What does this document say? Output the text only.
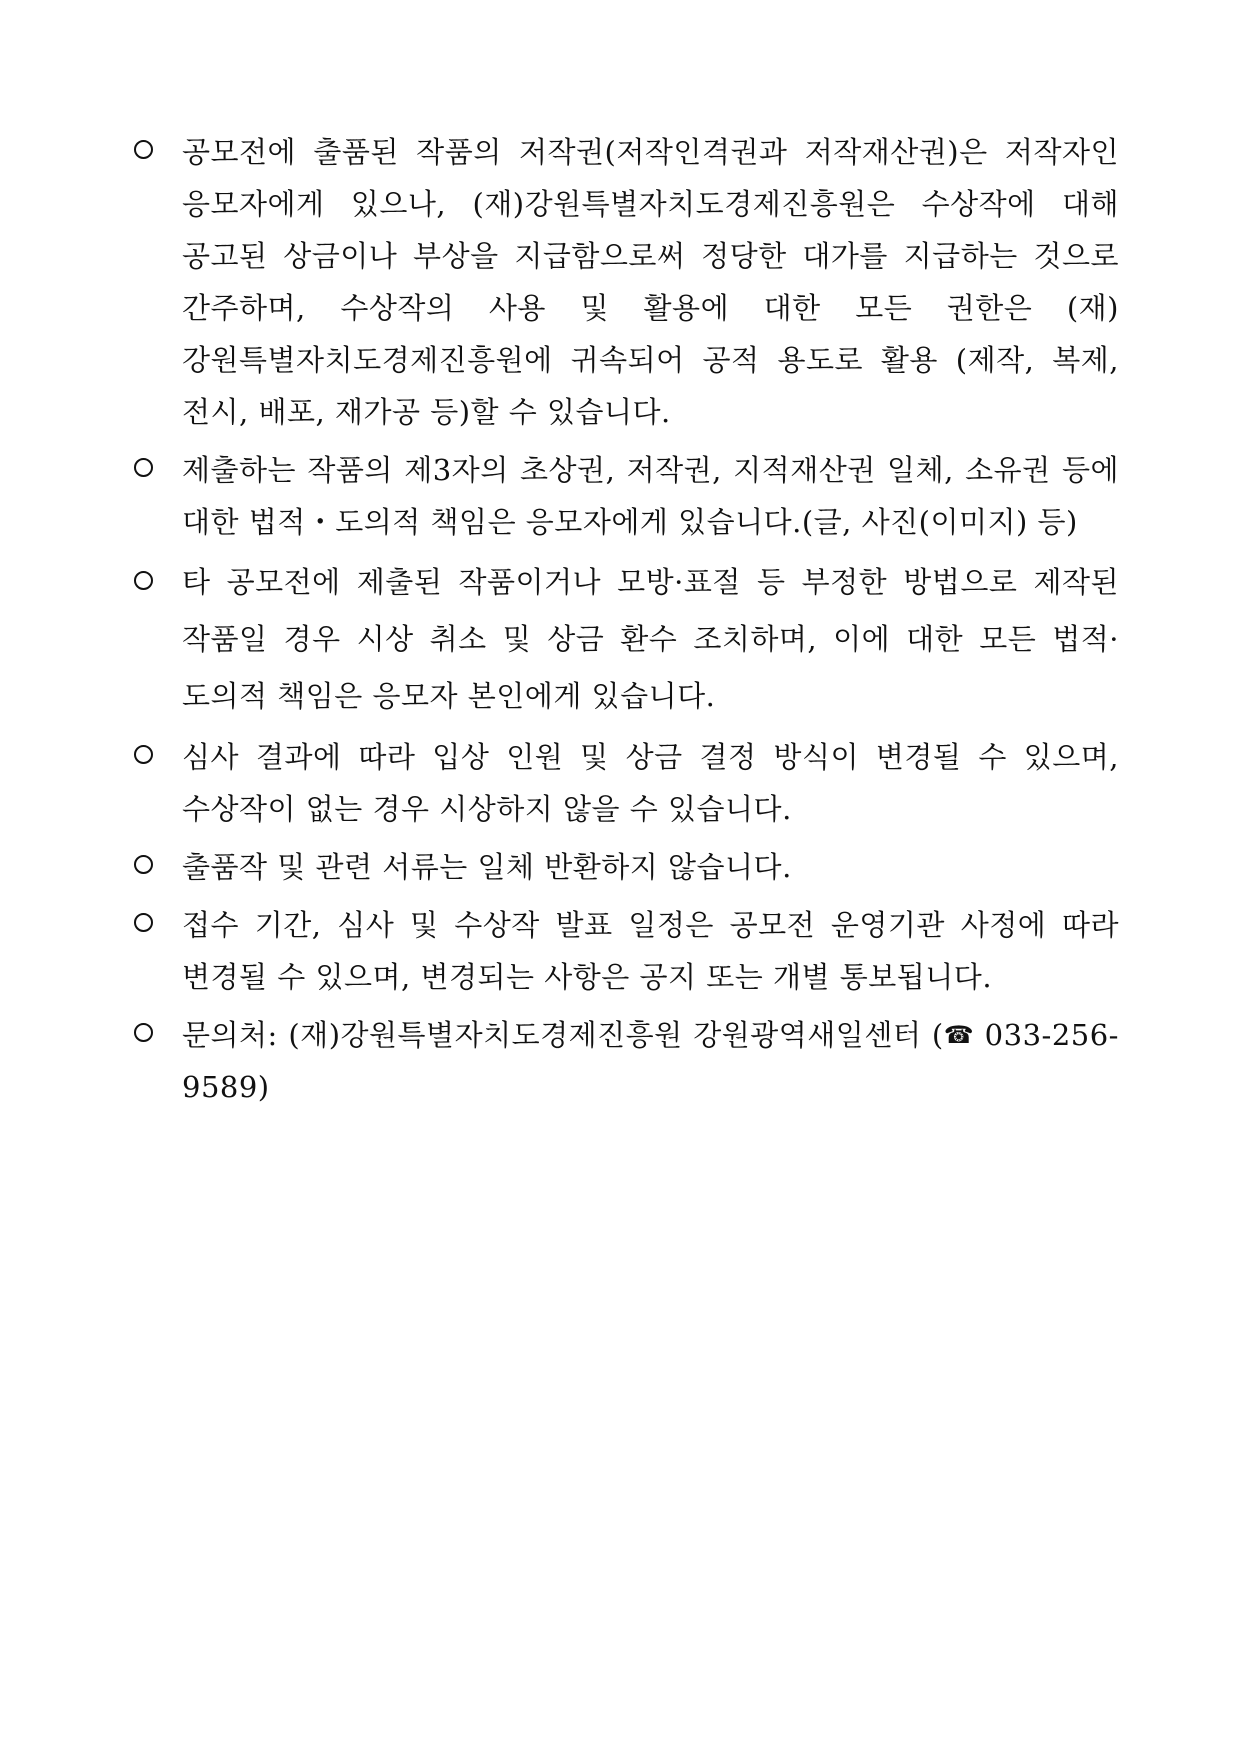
공모전에 출품된 작품의 저작권(저작인격권과 저작재산권)은 저작자인 응모자에게 있으나, (재)강원특별자치도경제진흥원은 수상작에 대해 공고된 상금이나 부상을 지급함으로써 정당한 대가를 지급하는 것으로 간주하며, 수상작의 사용 및 활용에 대한 모든 권한은 (재)강원특별자치도경제진흥원에 귀속되어 공적 용도로 활용 (제작, 복제, 전시, 배포, 재가공 등)할 수 있습니다.
제출하는 작품의 제3자의 초상권, 저작권, 지적재산권 일체, 소유권 등에 대한 법적・도의적 책임은 응모자에게 있습니다.(글, 사진(이미지) 등)
타 공모전에 제출된 작품이거나 모방·표절 등 부정한 방법으로 제작된 작품일 경우 시상 취소 및 상금 환수 조치하며, 이에 대한 모든 법적·도의적 책임은 응모자 본인에게 있습니다.
심사 결과에 따라 입상 인원 및 상금 결정 방식이 변경될 수 있으며, 수상작이 없는 경우 시상하지 않을 수 있습니다.
출품작 및 관련 서류는 일체 반환하지 않습니다.
접수 기간, 심사 및 수상작 발표 일정은 공모전 운영기관 사정에 따라 변경될 수 있으며, 변경되는 사항은 공지 또는 개별 통보됩니다.
문의처: (재)강원특별자치도경제진흥원 강원광역새일센터 (☎ 033-256-9589)
